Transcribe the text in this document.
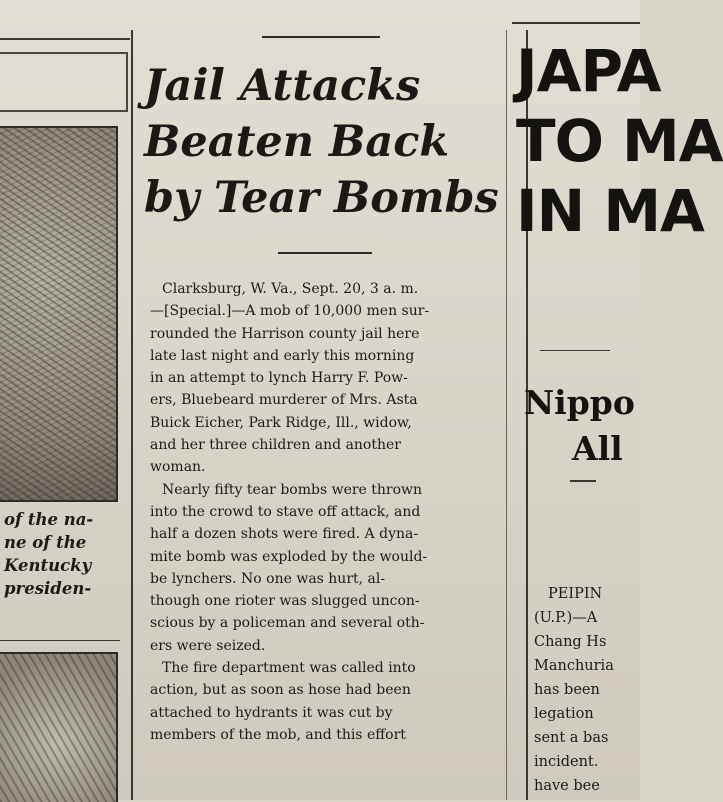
of the na-
ne of the
Kentucky
presiden-
Jail Attacks
Beaten Back
by Tear Bombs
Clarksburg, W. Va., Sept. 20, 3 a. m.
—[Special.]—A mob of 10,000 men sur-
rounded the Harrison county jail here
late last night and early this morning
in an attempt to lynch Harry F. Pow-
ers, Bluebeard murderer of Mrs. Asta
Buick Eicher, Park Ridge, Ill., widow,
and her three children and another
woman.
Nearly fifty tear bombs were thrown
into the crowd to stave off attack, and
half a dozen shots were fired. A dyna-
mite bomb was exploded by the would-
be lynchers. No one was hurt, al-
though one rioter was slugged uncon-
scious by a policeman and several oth-
ers were seized.
The fire department was called into
action, but as soon as hose had been
attached to hydrants it was cut by
members of the mob, and this effort
JAPA
TO MA
IN MA
Nippo
All
PEIPIN
(U.P.)—A
Chang Hs
Manchuria
has been
legation
sent a bas
incident.
have bee
